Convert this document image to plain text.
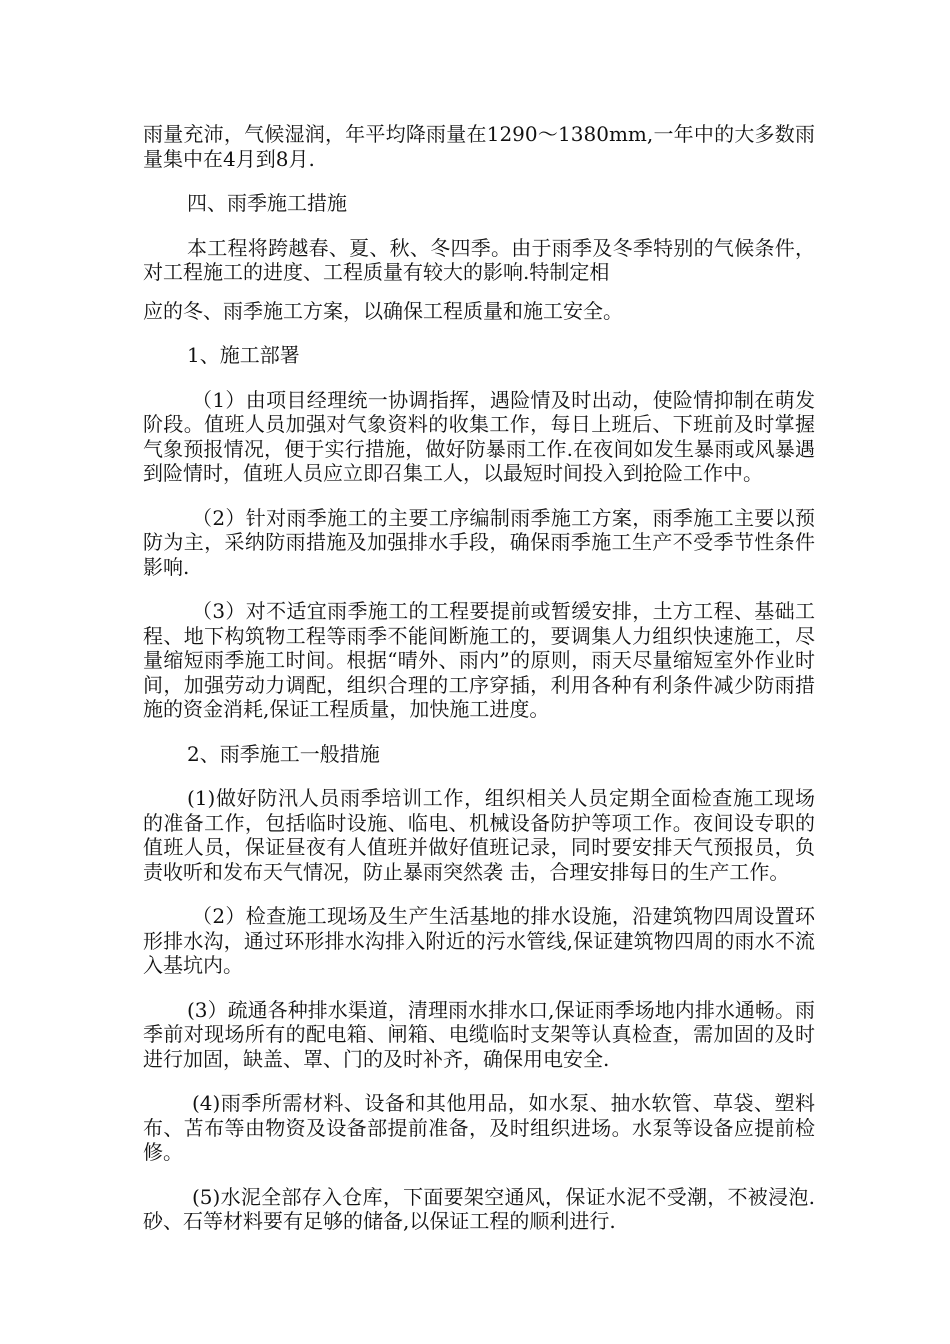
雨量充沛，气候湿润，年平均降雨量在1290～1380mm,一年中的大多数雨量集中在4月到8月.

四、雨季施工措施

本工程将跨越春、夏、秋、冬四季。由于雨季及冬季特别的气候条件，对工程施工的进度、工程质量有较大的影响.特制定相

应的冬、雨季施工方案，以确保工程质量和施工安全。

1、施工部署

（1）由项目经理统一协调指挥，遇险情及时出动，使险情抑制在萌发阶段。值班人员加强对气象资料的收集工作，每日上班后、下班前及时掌握气象预报情况，便于实行措施，做好防暴雨工作.在夜间如发生暴雨或风暴遇到险情时，值班人员应立即召集工人，以最短时间投入到抢险工作中。

（2）针对雨季施工的主要工序编制雨季施工方案，雨季施工主要以预防为主，采纳防雨措施及加强排水手段，确保雨季施工生产不受季节性条件影响.

（3）对不适宜雨季施工的工程要提前或暂缓安排，土方工程、基础工程、地下构筑物工程等雨季不能间断施工的，要调集人力组织快速施工，尽量缩短雨季施工时间。根据“晴外、雨内”的原则，雨天尽量缩短室外作业时间，加强劳动力调配，组织合理的工序穿插，利用各种有利条件减少防雨措施的资金消耗,保证工程质量，加快施工进度。

2、雨季施工一般措施

(1)做好防汛人员雨季培训工作，组织相关人员定期全面检查施工现场的准备工作，包括临时设施、临电、机械设备防护等项工作。夜间设专职的值班人员，保证昼夜有人值班并做好值班记录，同时要安排天气预报员，负责收听和发布天气情况，防止暴雨突然袭 击，合理安排每日的生产工作。

（2）检查施工现场及生产生活基地的排水设施，沿建筑物四周设置环形排水沟，通过环形排水沟排入附近的污水管线,保证建筑物四周的雨水不流入基坑内。

(3）疏通各种排水渠道，清理雨水排水口,保证雨季场地内排水通畅。雨季前对现场所有的配电箱、闸箱、电缆临时支架等认真检查，需加固的及时进行加固，缺盖、罩、门的及时补齐，确保用电安全.

(4)雨季所需材料、设备和其他用品，如水泵、抽水软管、草袋、塑料布、苫布等由物资及设备部提前准备，及时组织进场。水泵等设备应提前检修。

(5)水泥全部存入仓库，下面要架空通风，保证水泥不受潮，不被浸泡.砂、石等材料要有足够的储备,以保证工程的顺利进行.
